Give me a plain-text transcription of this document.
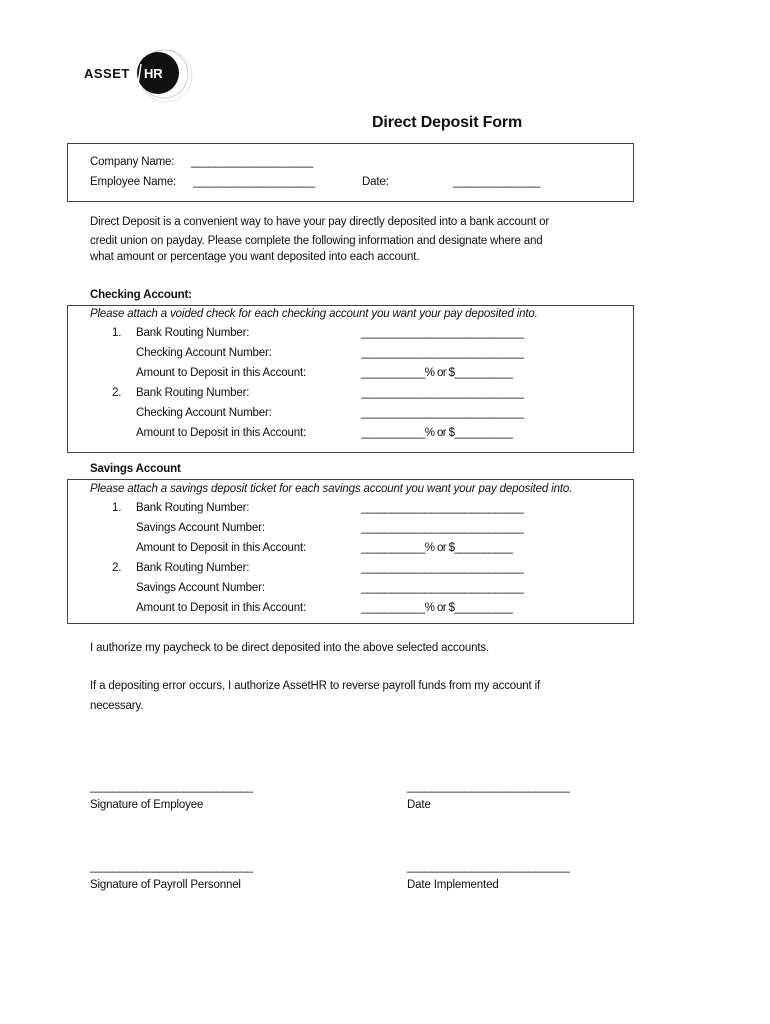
ASSET HR
Direct Deposit Form
Company Name: _____________________
Employee Name: _____________________	Date:	_______________
Direct Deposit is a convenient way to have your pay directly deposited into a bank account or
credit union on payday. Please complete the following information and designate where and
what amount or percentage you want deposited into each account.
Checking Account:
Please attach a voided check for each checking account you want your pay deposited into.
1. Bank Routing Number:	____________________________
Checking Account Number:	____________________________
Amount to Deposit in this Account:	___________% or $__________
2. Bank Routing Number:	____________________________
Checking Account Number:	____________________________
Amount to Deposit in this Account:	___________% or $__________
Savings Account
Please attach a savings deposit ticket for each savings account you want your pay deposited into.
1. Bank Routing Number:	____________________________
Savings Account Number:	____________________________
Amount to Deposit in this Account:	___________% or $__________
2. Bank Routing Number:	____________________________
Savings Account Number:	____________________________
Amount to Deposit in this Account:	___________% or $__________
I authorize my paycheck to be direct deposited into the above selected accounts.
If a depositing error occurs, I authorize AssetHR to reverse payroll funds from my account if
necessary.
____________________________
Signature of Employee
____________________________
Date
____________________________
Signature of Payroll Personnel
____________________________
Date Implemented
